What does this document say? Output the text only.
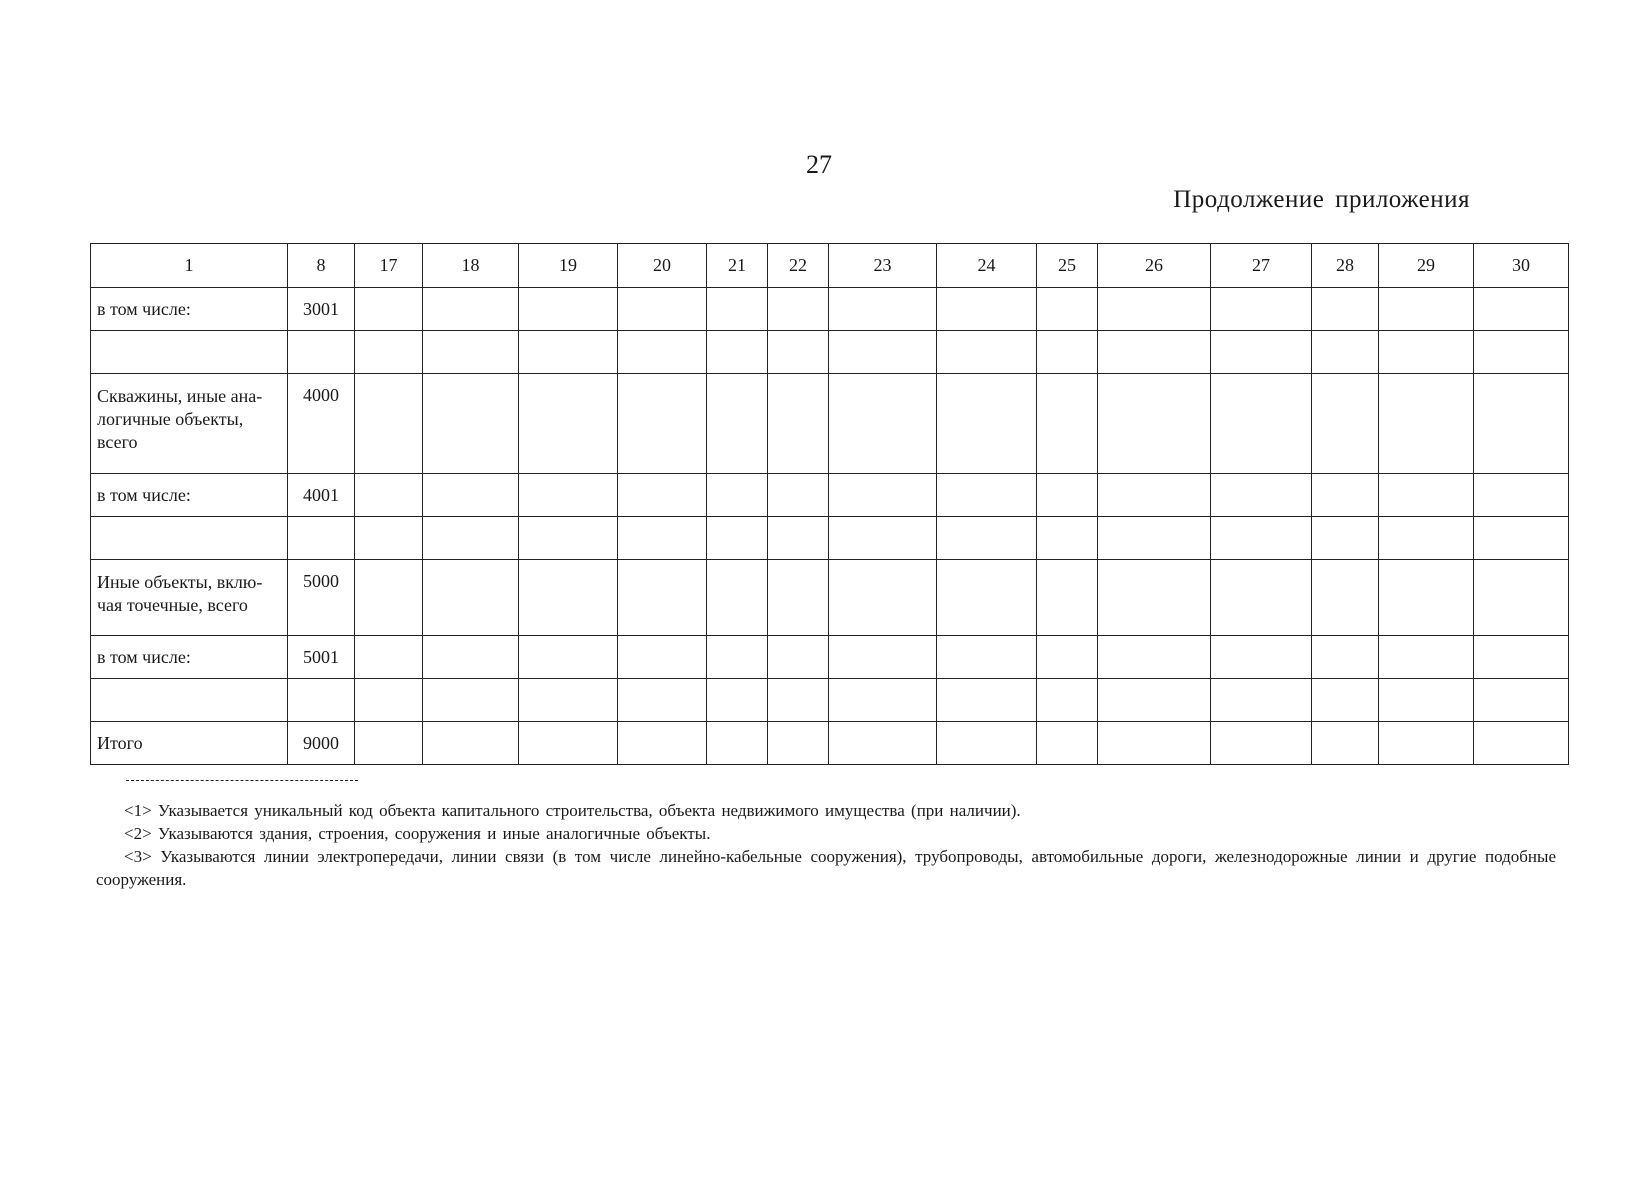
27
Продолжение приложения
1	8	17	18	19	20	21	22	23	24	25	26	27	28	29	30
в том числе:	3001														

Скважины, иные ана-логичные объекты, всего	4000														
в том числе:	4001														

Иные объекты, вклю-чая точечные, всего	5000														
в том числе:	5001														

Итого	9000														
<1> Указывается уникальный код объекта капитального строительства, объекта недвижимого имущества (при наличии).
<2> Указываются здания, строения, сооружения и иные аналогичные объекты.
<3> Указываются линии электропередачи, линии связи (в том числе линейно-кабельные сооружения), трубопроводы, автомобильные дороги, железнодорожные линии и другие подобные сооружения.
